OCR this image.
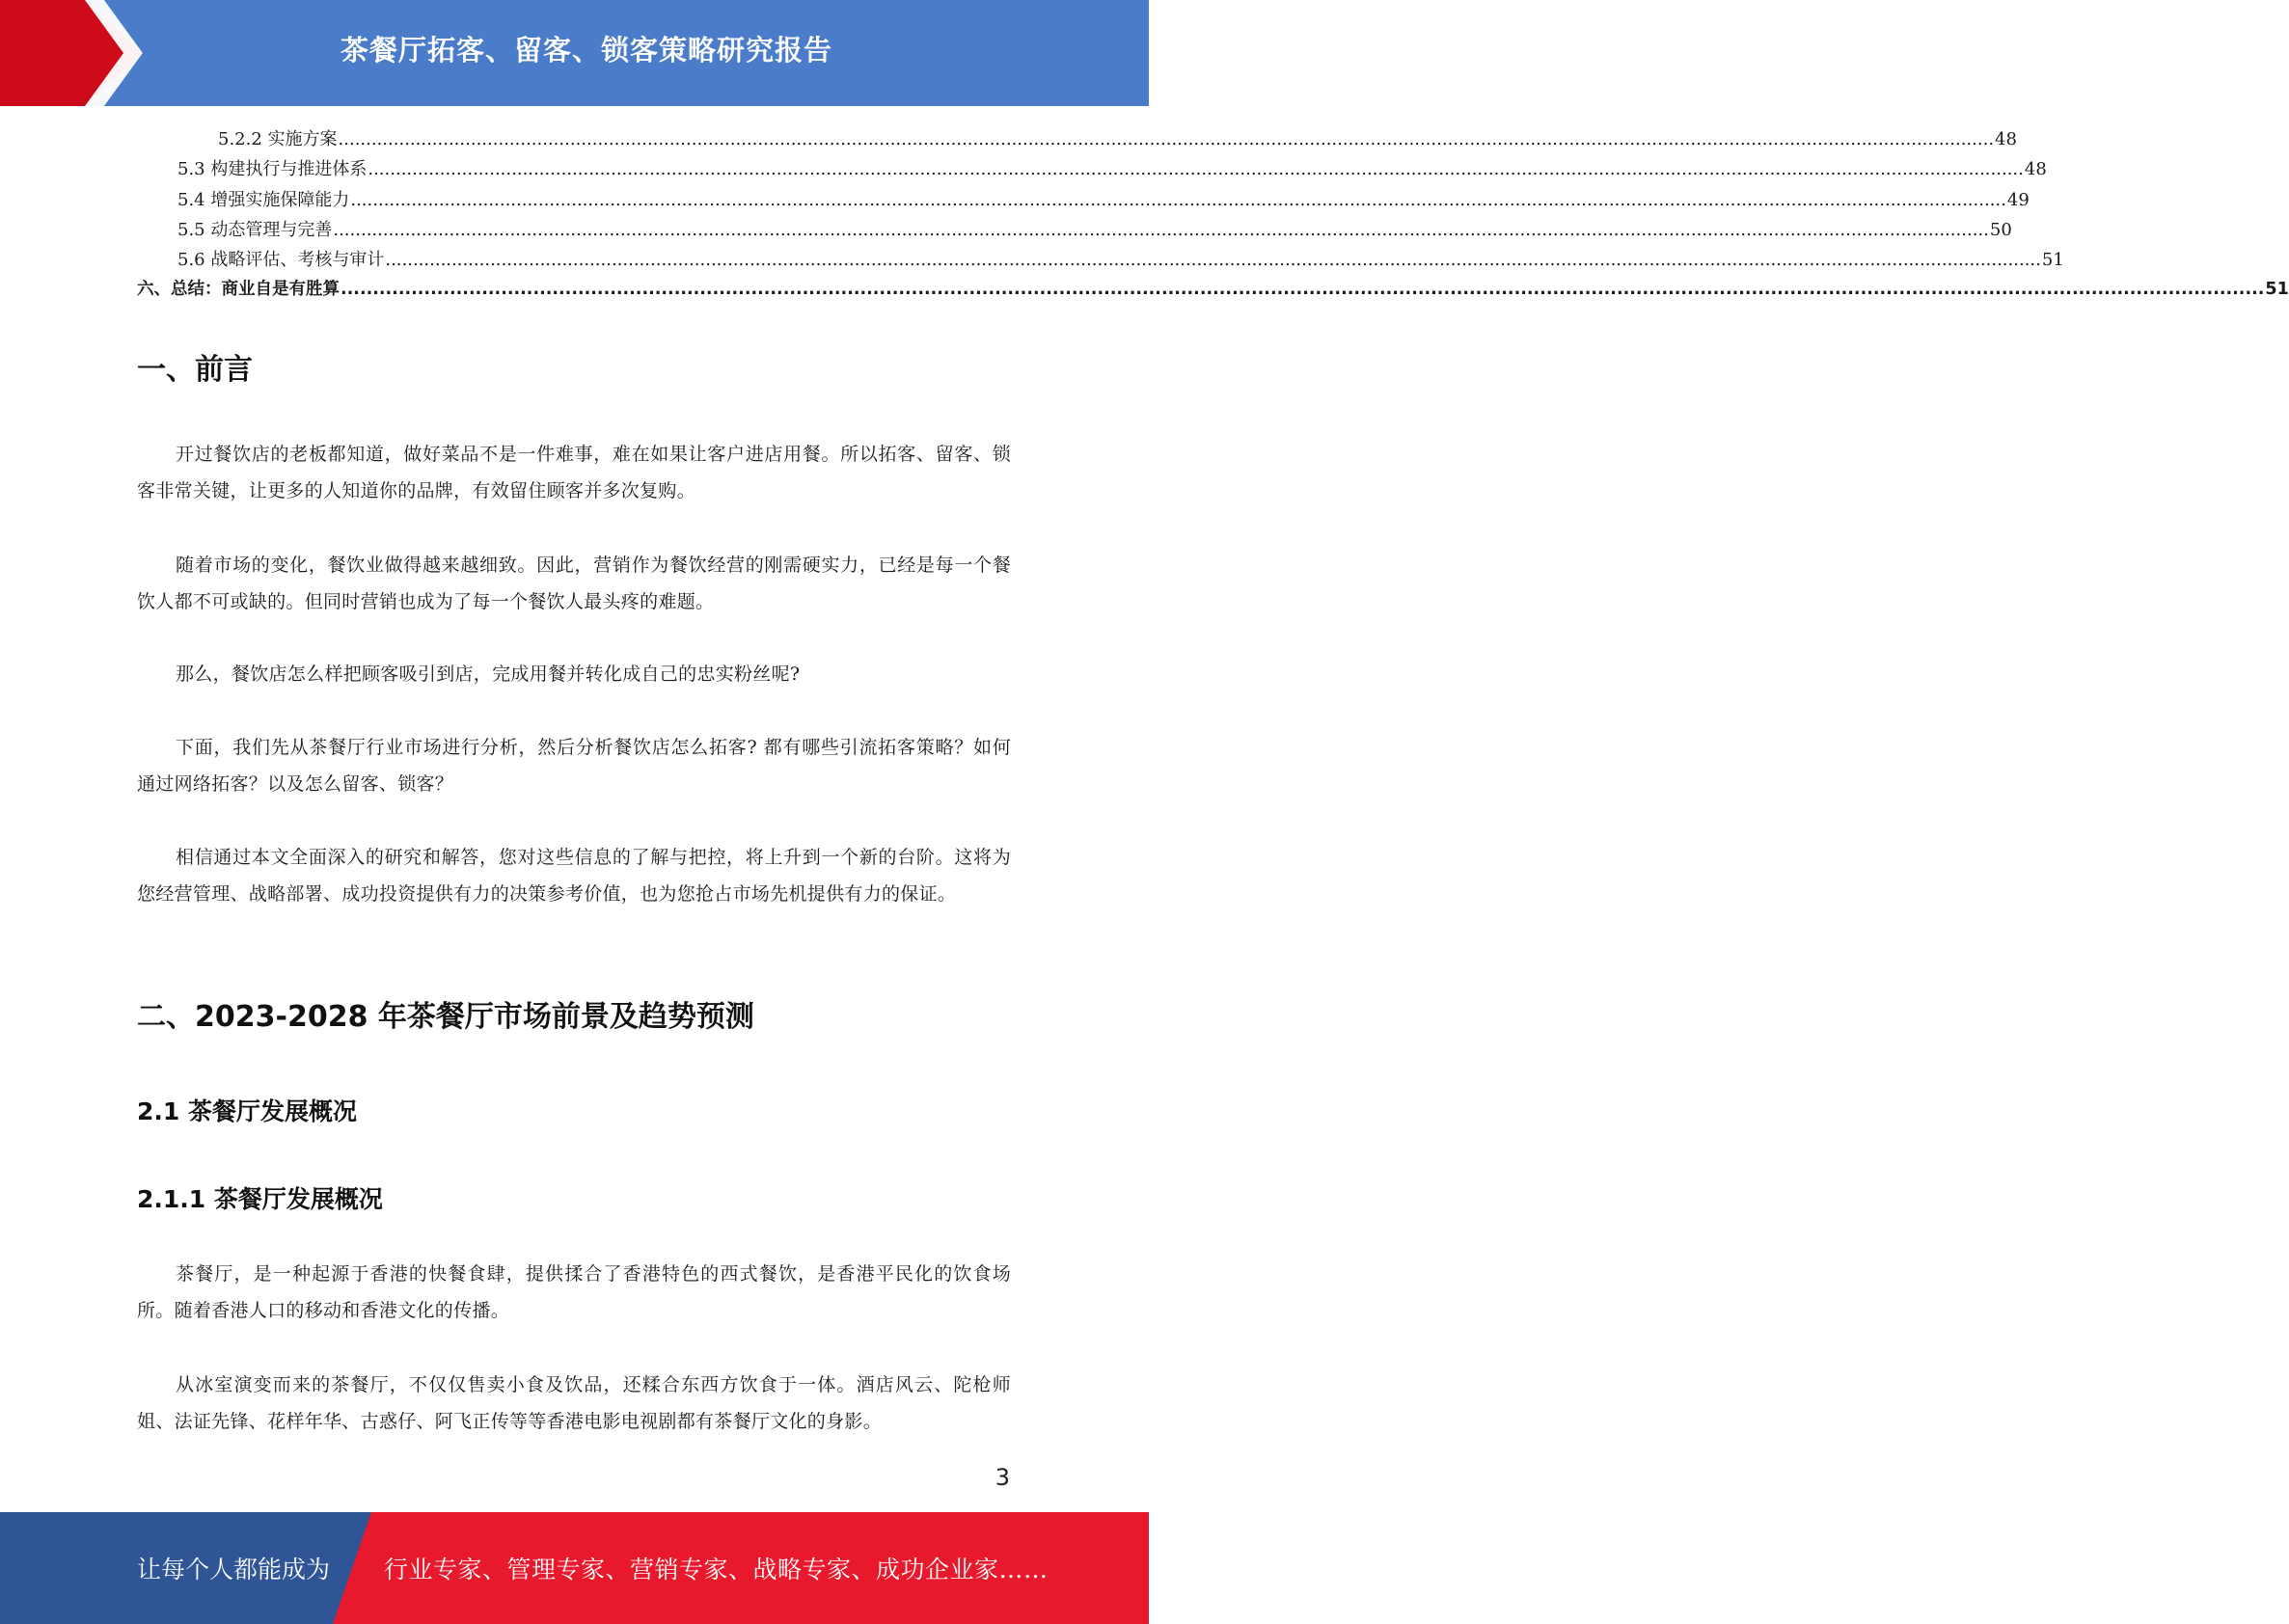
茶餐厅拓客、留客、锁客策略研究报告
5.2.2 实施方案 ............................................................................................................................................................................................................................................................................................................ 48
5.3 构建执行与推进体系 ............................................................................................................................................................................................................................................................................................................ 48
5.4 增强实施保障能力 ............................................................................................................................................................................................................................................................................................................ 49
5.5 动态管理与完善 ............................................................................................................................................................................................................................................................................................................ 50
5.6 战略评估、考核与审计 ............................................................................................................................................................................................................................................................................................................ 51
六、总结：商业自是有胜算 ............................................................................................................................................................................................................................................................................................................ 51
一、前言

开过餐饮店的老板都知道，做好菜品不是一件难事，难在如果让客户进店用餐。所以拓客、留客、锁客非常关键，让更多的人知道你的品牌，有效留住顾客并多次复购。

随着市场的变化，餐饮业做得越来越细致。因此，营销作为餐饮经营的刚需硬实力，已经是每一个餐饮人都不可或缺的。但同时营销也成为了每一个餐饮人最头疼的难题。

那么，餐饮店怎么样把顾客吸引到店，完成用餐并转化成自己的忠实粉丝呢?

下面，我们先从茶餐厅行业市场进行分析，然后分析餐饮店怎么拓客? 都有哪些引流拓客策略？如何通过网络拓客？以及怎么留客、锁客？

相信通过本文全面深入的研究和解答，您对这些信息的了解与把控，将上升到一个新的台阶。这将为您经营管理、战略部署、成功投资提供有力的决策参考价值，也为您抢占市场先机提供有力的保证。

二、2023-2028 年茶餐厅市场前景及趋势预测
2.1 茶餐厅发展概况
2.1.1 茶餐厅发展概况

茶餐厅，是一种起源于香港的快餐食肆，提供揉合了香港特色的西式餐饮，是香港平民化的饮食场所。随着香港人口的移动和香港文化的传播。

从冰室演变而来的茶餐厅，不仅仅售卖小食及饮品，还糅合东西方饮食于一体。酒店风云、陀枪师姐、法证先锋、花样年华、古惑仔、阿飞正传等等香港电影电视剧都有茶餐厅文化的身影。

3
让每个人都能成为 行业专家、管理专家、营销专家、战略专家、成功企业家……
